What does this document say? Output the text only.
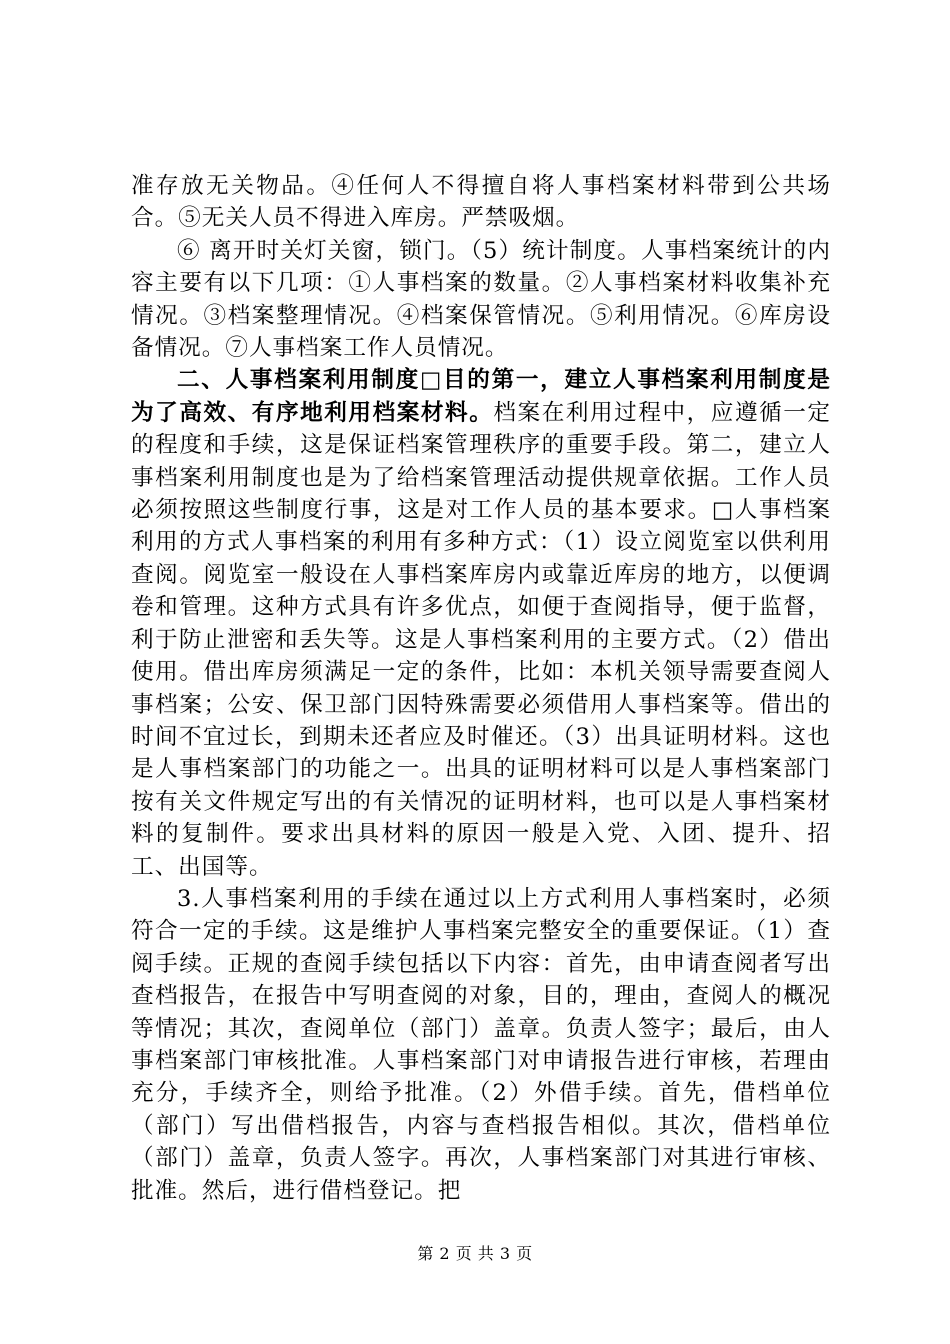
准存放无关物品。④任何人不得擅自将人事档案材料带到公共场合。⑤无关人员不得进入库房。严禁吸烟。

⑥ 离开时关灯关窗，锁门。（5）统计制度。人事档案统计的内容主要有以下几项：①人事档案的数量。②人事档案材料收集补充情况。③档案整理情况。④档案保管情况。⑤利用情况。⑥库房设备情况。⑦人事档案工作人员情况。

二、人事档案利用制度□目的第一，建立人事档案利用制度是为了高效、有序地利用档案材料。档案在利用过程中，应遵循一定的程度和手续，这是保证档案管理秩序的重要手段。第二，建立人事档案利用制度也是为了给档案管理活动提供规章依据。工作人员必须按照这些制度行事，这是对工作人员的基本要求。□人事档案利用的方式人事档案的利用有多种方式：（1）设立阅览室以供利用查阅。阅览室一般设在人事档案库房内或靠近库房的地方，以便调卷和管理。这种方式具有许多优点，如便于查阅指导，便于监督，利于防止泄密和丢失等。这是人事档案利用的主要方式。（2）借出使用。借出库房须满足一定的条件，比如：本机关领导需要查阅人事档案；公安、保卫部门因特殊需要必须借用人事档案等。借出的时间不宜过长，到期未还者应及时催还。（3）出具证明材料。这也是人事档案部门的功能之一。出具的证明材料可以是人事档案部门按有关文件规定写出的有关情况的证明材料，也可以是人事档案材料的复制件。要求出具材料的原因一般是入党、入团、提升、招工、出国等。

3.人事档案利用的手续在通过以上方式利用人事档案时，必须符合一定的手续。这是维护人事档案完整安全的重要保证。（1）查阅手续。正规的查阅手续包括以下内容：首先，由申请查阅者写出查档报告，在报告中写明查阅的对象，目的，理由，查阅人的概况等情况；其次，查阅单位（部门）盖章。负责人签字；最后，由人事档案部门审核批准。人事档案部门对申请报告进行审核，若理由充分，手续齐全，则给予批准。（2）外借手续。首先，借档单位（部门）写出借档报告，内容与查档报告相似。其次，借档单位（部门）盖章，负责人签字。再次，人事档案部门对其进行审核、批准。然后，进行借档登记。把

第 2 页 共 3 页
